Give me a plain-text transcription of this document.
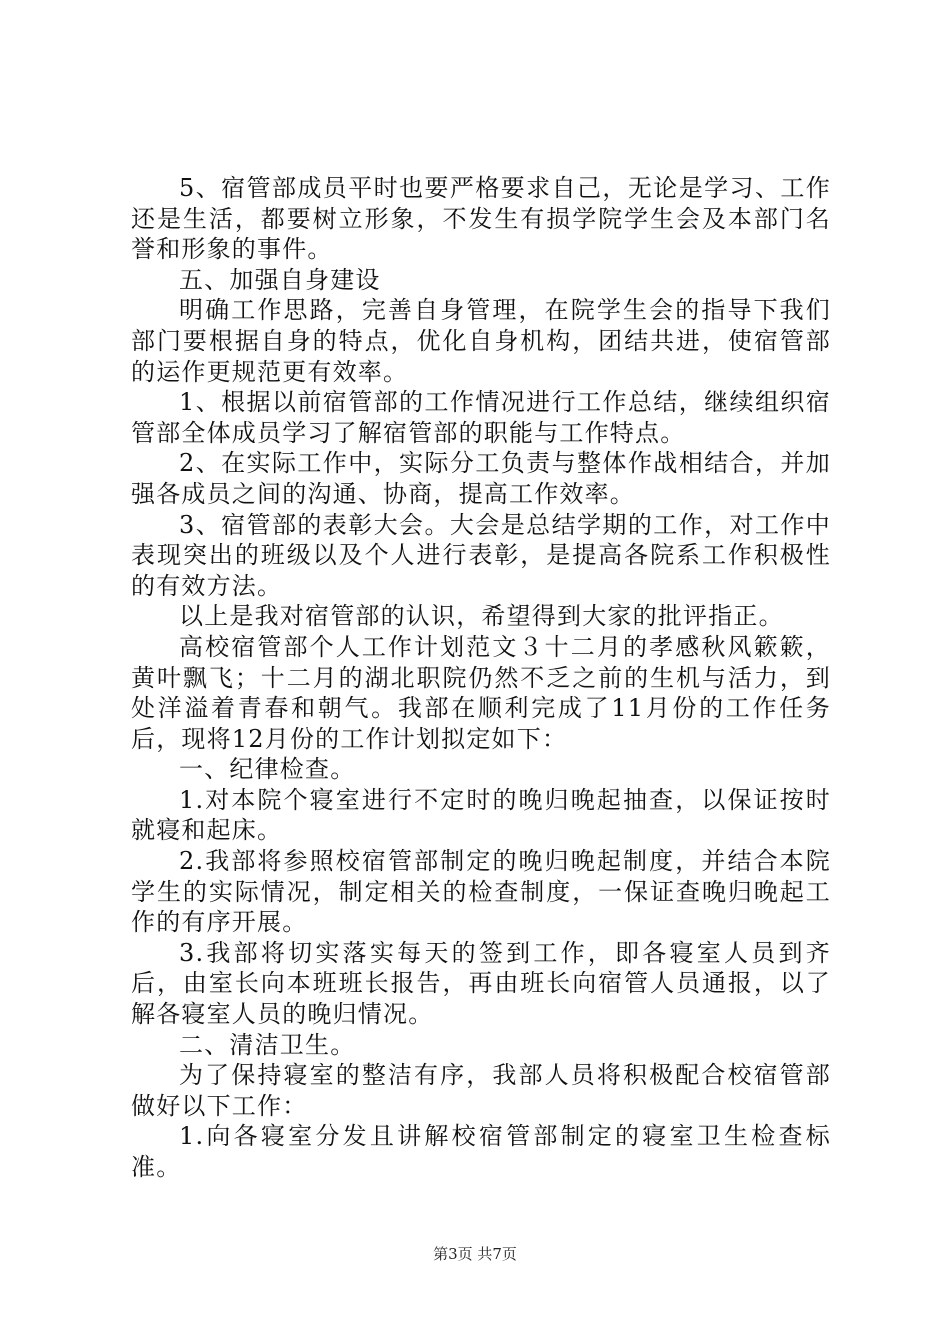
5、宿管部成员平时也要严格要求自己，无论是学习、工作还是生活，都要树立形象，不发生有损学院学生会及本部门名誉和形象的事件。

五、加强自身建设

明确工作思路，完善自身管理，在院学生会的指导下我们部门要根据自身的特点，优化自身机构，团结共进，使宿管部的运作更规范更有效率。

1、根据以前宿管部的工作情况进行工作总结，继续组织宿管部全体成员学习了解宿管部的职能与工作特点。

2、在实际工作中，实际分工负责与整体作战相结合，并加强各成员之间的沟通、协商，提高工作效率。

3、宿管部的表彰大会。大会是总结学期的工作，对工作中表现突出的班级以及个人进行表彰，是提高各院系工作积极性的有效方法。

以上是我对宿管部的认识，希望得到大家的批评指正。

高校宿管部个人工作计划范文３十二月的孝感秋风簌簌，黄叶飘飞；十二月的湖北职院仍然不乏之前的生机与活力，到处洋溢着青春和朝气。我部在顺利完成了11月份的工作任务后，现将12月份的工作计划拟定如下：

一、纪律检查。

1.对本院个寝室进行不定时的晚归晚起抽查，以保证按时就寝和起床。

2.我部将参照校宿管部制定的晚归晚起制度，并结合本院学生的实际情况，制定相关的检查制度，一保证查晚归晚起工作的有序开展。

3.我部将切实落实每天的签到工作，即各寝室人员到齐后，由室长向本班班长报告，再由班长向宿管人员通报，以了解各寝室人员的晚归情况。

二、清洁卫生。

为了保持寝室的整洁有序，我部人员将积极配合校宿管部做好以下工作：

1.向各寝室分发且讲解校宿管部制定的寝室卫生检查标准。

第3页 共7页
